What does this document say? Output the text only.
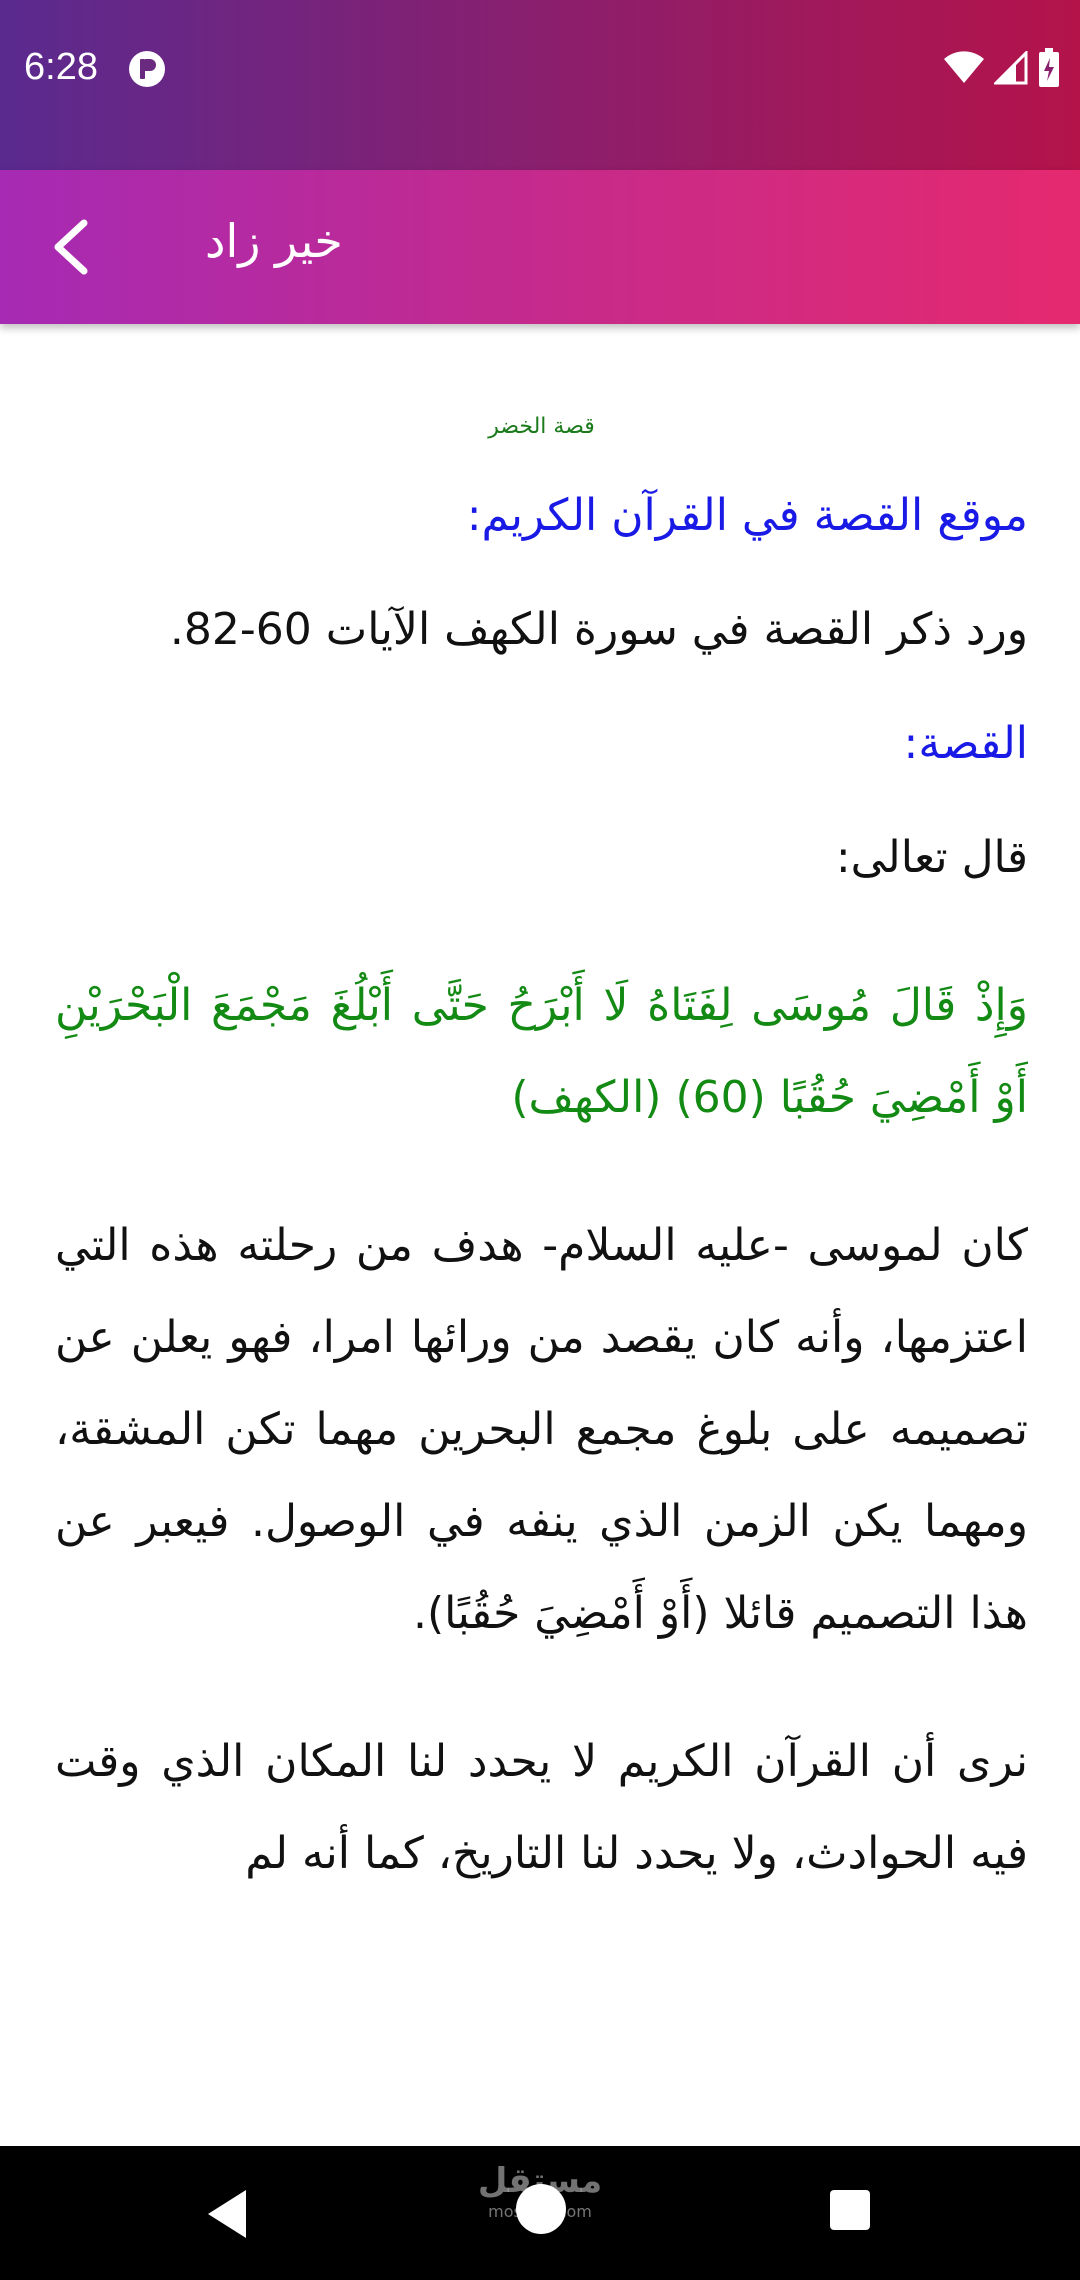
6:28
خير زاد
قصة الخضر

موقع القصة في القرآن الكريم:

ورد ذكر القصة في سورة الكهف الآيات 60-82.

القصة:

قال تعالى:

وَإِذْ قَالَ مُوسَى لِفَتَاهُ لَا أَبْرَحُ حَتَّى أَبْلُغَ مَجْمَعَ الْبَحْرَيْنِ أَوْ أَمْضِيَ حُقُبًا (60) (الكهف)

كان لموسى -عليه السلام- هدف من رحلته هذه التي اعتزمها، وأنه كان يقصد من ورائها امرا، فهو يعلن عن تصميمه على بلوغ مجمع البحرين مهما تكن المشقة، ومهما يكن الزمن الذي ينفه في الوصول. فيعبر عن هذا التصميم قائلا (أَوْ أَمْضِيَ حُقُبًا).

نرى أن القرآن الكريم لا يحدد لنا المكان الذي وقت فيه الحوادث، ولا يحدد لنا التاريخ، كما أنه لم

مستقل
mostaql.com
